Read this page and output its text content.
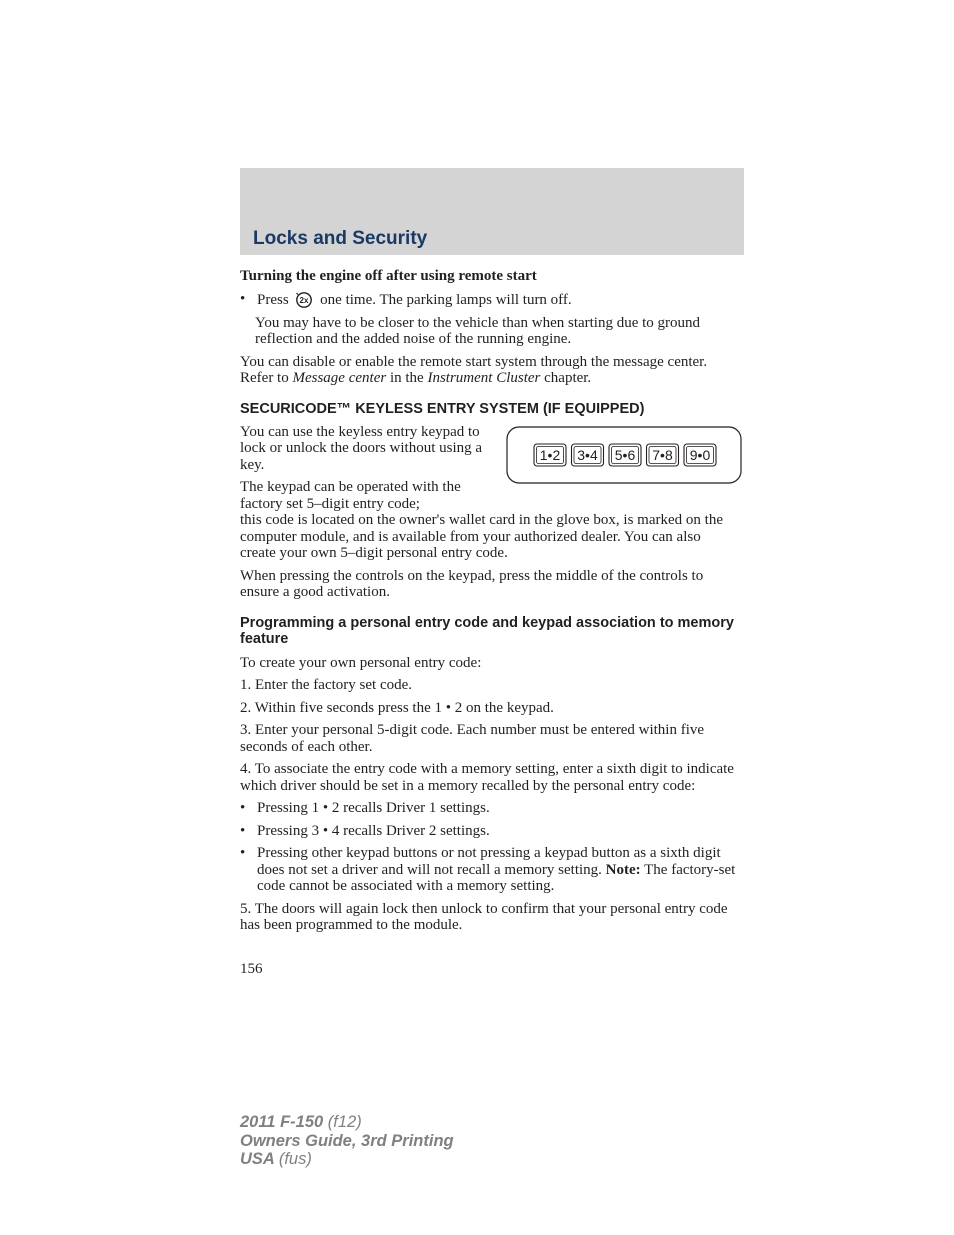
Locks and Security

Turning the engine off after using remote start

• Press 2x one time. The parking lamps will turn off.

You may have to be closer to the vehicle than when starting due to ground reflection and the added noise of the running engine.

You can disable or enable the remote start system through the message center. Refer to Message center in the Instrument Cluster chapter.

SECURICODE™ KEYLESS ENTRY SYSTEM (IF EQUIPPED)

1•2 3•4 5•6 7•8 9•0

You can use the keyless entry keypad to lock or unlock the doors without using a key.

The keypad can be operated with the factory set 5–digit entry code;

this code is located on the owner's wallet card in the glove box, is marked on the computer module, and is available from your authorized dealer. You can also create your own 5–digit personal entry code.

When pressing the controls on the keypad, press the middle of the controls to ensure a good activation.

Programming a personal entry code and keypad association to memory feature

To create your own personal entry code:

1. Enter the factory set code.

2. Within five seconds press the 1 • 2 on the keypad.

3. Enter your personal 5-digit code. Each number must be entered within five seconds of each other.

4. To associate the entry code with a memory setting, enter a sixth digit to indicate which driver should be set in a memory recalled by the personal entry code:

• Pressing 1 • 2 recalls Driver 1 settings.

• Pressing 3 • 4 recalls Driver 2 settings.

• Pressing other keypad buttons or not pressing a keypad button as a sixth digit does not set a driver and will not recall a memory setting. Note: The factory-set code cannot be associated with a memory setting.

5. The doors will again lock then unlock to confirm that your personal entry code has been programmed to the module.

156
2011 F-150 (f12)
Owners Guide, 3rd Printing
USA (fus)
